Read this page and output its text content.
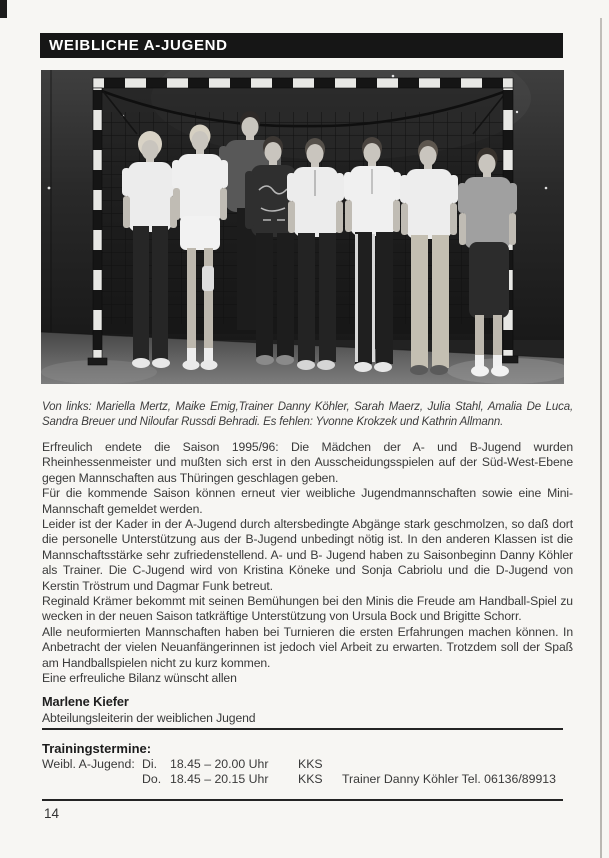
WEIBLICHE A-JUGEND

Von links: Mariella Mertz, Maike Emig,Trainer Danny Köhler, Sarah Maerz, Julia Stahl, Amalia De Luca, Sandra Breuer und Niloufar Russdi Behradi. Es fehlen: Yvonne Krokzek und Kathrin Allmann.

Erfreulich endete die Saison 1995/96: Die Mädchen der A- und B-Jugend wurden Rheinhessenmeister und mußten sich erst in den Ausscheidungsspielen auf der Süd-West-Ebene gegen Mannschaften aus Thüringen geschlagen geben.

Für die kommende Saison können erneut vier weibliche Jugendmannschaften sowie eine Mini-Mannschaft gemeldet werden.

Leider ist der Kader in der A-Jugend durch altersbedingte Abgänge stark geschmolzen, so daß dort die personelle Unterstützung aus der B-Jugend unbedingt nötig ist. In den anderen Klassen ist die Mannschaftsstärke sehr zufriedenstellend. A- und B- Jugend haben zu Saisonbeginn Danny Köhler als Trainer. Die C-Jugend wird von Kristina Köneke und Sonja Cabriolu und die D-Jugend von Kerstin Tröstrum und Dagmar Funk betreut.

Reginald Krämer bekommt mit seinen Bemühungen bei den Minis die Freude am Handball-Spiel zu wecken in der neuen Saison tatkräftige Unterstützung von Ursula Bock und Brigitte Schorr.

Alle neuformierten Mannschaften haben bei Turnieren die ersten Erfahrungen machen können. In Anbetracht der vielen Neuanfängerinnen ist jedoch viel Arbeit zu erwarten. Trotzdem soll der Spaß am Handballspielen nicht zu kurz kommen.

Eine erfreuliche Bilanz wünscht allen

Marlene Kiefer
Abteilungsleiterin der weiblichen Jugend
Trainingstermine:
Weibl. A-Jugend: Di.	18.45 – 20.00 Uhr	KKS
Do. 18.45 – 20.15 Uhr	KKS	Trainer Danny Köhler Tel. 06136/89913
14
